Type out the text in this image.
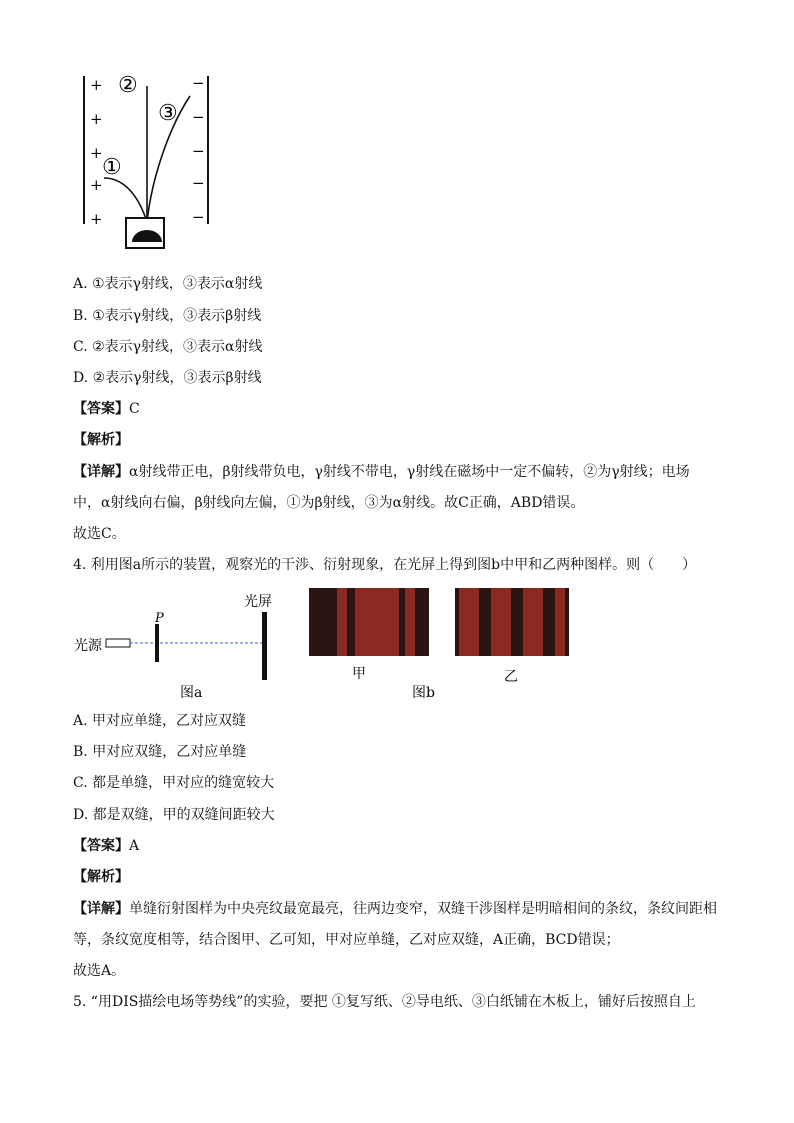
+
+
+
+
+
−
−
−
−
−
②
③
①
A. ①表示γ射线，③表示α射线
B. ①表示γ射线，③表示β射线
C. ②表示γ射线，③表示α射线
D. ②表示γ射线，③表示β射线
【答案】C
【解析】
【详解】α射线带正电，β射线带负电，γ射线不带电，γ射线在磁场中一定不偏转，②为γ射线；电场
中，α射线向右偏，β射线向左偏，①为β射线，③为α射线。故C正确，ABD错误。
故选C。
4. 利用图a所示的装置，观察光的干涉、衍射现象，在光屏上得到图b中甲和乙两种图样。则（　　）
光源
P
光屏
图a
甲	乙
图b
A. 甲对应单缝，乙对应双缝
B. 甲对应双缝，乙对应单缝
C. 都是单缝，甲对应的缝宽较大
D. 都是双缝，甲的双缝间距较大
【答案】A
【解析】
【详解】单缝衍射图样为中央亮纹最宽最亮，往两边变窄，双缝干涉图样是明暗相间的条纹，条纹间距相
等，条纹宽度相等，结合图甲、乙可知，甲对应单缝，乙对应双缝，A正确，BCD错误；
故选A。
5. “用DIS描绘电场等势线”的实验，要把 ①复写纸、②导电纸、③白纸铺在木板上，铺好后按照自上
